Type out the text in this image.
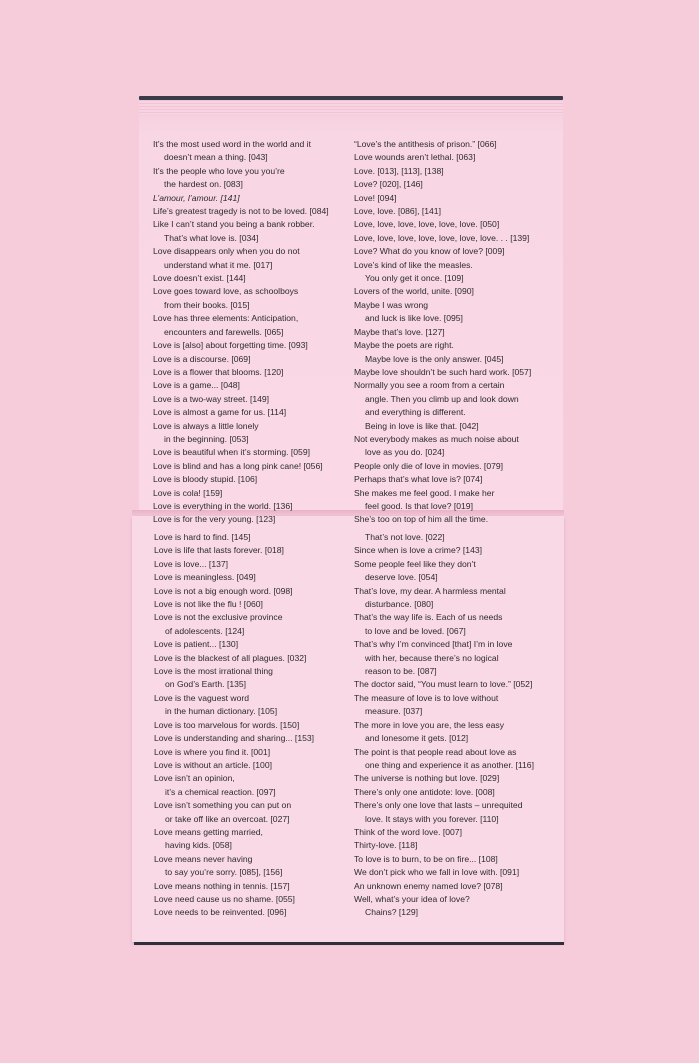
It’s the most used word in the world and it
doesn’t mean a thing. [043]
It’s the people who love you you’re
the hardest on. [083]
L’amour, l’amour. [141]
Life’s greatest tragedy is not to be loved. [084]
Like I can’t stand you being a bank robber.
That’s what love is. [034]
Love disappears only when you do not
understand what it me. [017]
Love doesn’t exist. [144]
Love goes toward love, as schoolboys
from their books. [015]
Love has three elements: Anticipation,
encounters and farewells. [065]
Love is [also] about forgetting time. [093]
Love is a discourse. [069]
Love is a flower that blooms. [120]
Love is a game... [048]
Love is a two-way street. [149]
Love is almost a game for us. [114]
Love is always a little lonely
in the beginning. [053]
Love is beautiful when it’s storming. [059]
Love is blind and has a long pink cane! [056]
Love is bloody stupid. [106]
Love is cola! [159]
Love is everything in the world. [136]
Love is for the very young. [123]
“Love’s the antithesis of prison.” [066]
Love wounds aren’t lethal. [063]
Love. [013], [113], [138]
Love? [020], [146]
Love! [094]
Love, love. [086], [141]
Love, love, love, love, love, love. [050]
Love, love, love, love, love, love, love. . . [139]
Love? What do you know of love? [009]
Love’s kind of like the measles.
You only get it once. [109]
Lovers of the world, unite. [090]
Maybe I was wrong
and luck is like love. [095]
Maybe that’s love. [127]
Maybe the poets are right.
Maybe love is the only answer. [045]
Maybe love shouldn’t be such hard work. [057]
Normally you see a room from a certain
angle. Then you climb up and look down
and everything is different.
Being in love is like that. [042]
Not everybody makes as much noise about
love as you do. [024]
People only die of love in movies. [079]
Perhaps that’s what love is? [074]
She makes me feel good. I make her
feel good. Is that love? [019]
She’s too on top of him all the time.
Love is hard to find. [145]
Love is life that lasts forever. [018]
Love is love... [137]
Love is meaningless. [049]
Love is not a big enough word. [098]
Love is not like the flu ! [060]
Love is not the exclusive province
of adolescents. [124]
Love is patient... [130]
Love is the blackest of all plagues. [032]
Love is the most irrational thing
on God’s Earth. [135]
Love is the vaguest word
in the human dictionary. [105]
Love is too marvelous for words. [150]
Love is understanding and sharing... [153]
Love is where you find it. [001]
Love is without an article. [100]
Love isn’t an opinion,
it’s a chemical reaction. [097]
Love isn’t something you can put on
or take off like an overcoat. [027]
Love means getting married,
having kids. [058]
Love means never having
to say you’re sorry. [085], [156]
Love means nothing in tennis. [157]
Love need cause us no shame. [055]
Love needs to be reinvented. [096]
That’s not love. [022]
Since when is love a crime? [143]
Some people feel like they don’t
deserve love. [054]
That’s love, my dear. A harmless mental
disturbance. [080]
That’s the way life is. Each of us needs
to love and be loved. [067]
That’s why I’m convinced [that] I’m in love
with her, because there’s no logical
reason to be. [087]
The doctor said, “You must learn to love.” [052]
The measure of love is to love without
measure. [037]
The more in love you are, the less easy
and lonesome it gets. [012]
The point is that people read about love as
one thing and experience it as another. [116]
The universe is nothing but love. [029]
There’s only one antidote: love. [008]
There’s only one love that lasts – unrequited
love. It stays with you forever. [110]
Think of the word love. [007]
Thirty-love. [118]
To love is to burn, to be on fire... [108]
We don’t pick who we fall in love with. [091]
An unknown enemy named love? [078]
Well, what’s your idea of love?
Chains? [129]
